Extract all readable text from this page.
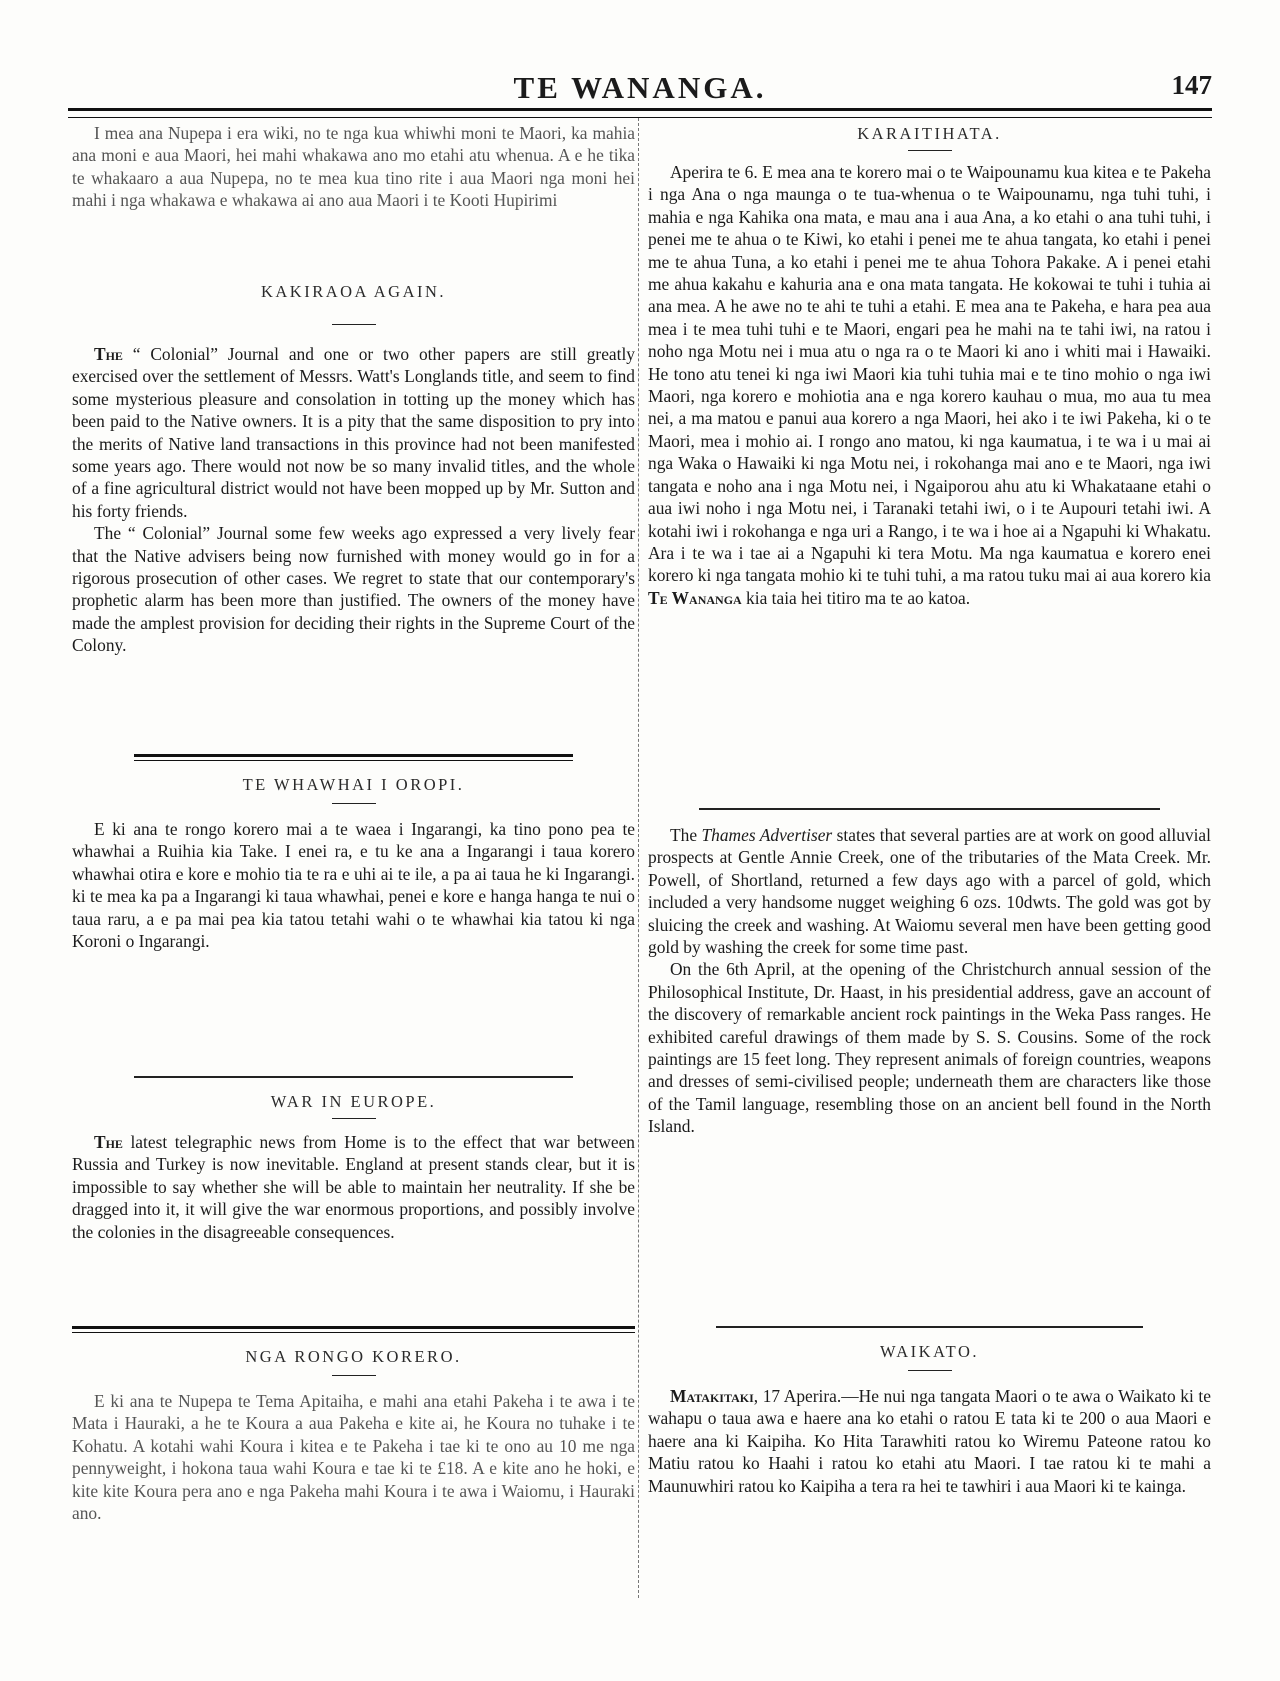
TE WANANGA.	147

I mea ana Nupepa i era wiki, no te nga kua whiwhi moni te Maori, ka mahia ana moni e aua Maori, hei mahi whakawa ano mo etahi atu whenua. A e he tika te whakaaro a aua Nupepa, no te mea kua tino rite i aua Maori nga moni hei mahi i nga whakawa e whakawa ai ano aua Maori i te Kooti Hupirimi

KAKIRAOA AGAIN.

The “ Colonial” Journal and one or two other papers are still greatly exercised over the settlement of Messrs. Watt's Longlands title, and seem to find some mysterious pleasure and consolation in totting up the money which has been paid to the Native owners. It is a pity that the same disposition to pry into the merits of Native land transactions in this province had not been manifested some years ago. There would not now be so many invalid titles, and the whole of a fine agricultural district would not have been mopped up by Mr. Sutton and his forty friends.

The “ Colonial” Journal some few weeks ago expressed a very lively fear that the Native advisers being now furnished with money would go in for a rigorous prosecution of other cases. We regret to state that our contemporary's prophetic alarm has been more than justified. The owners of the money have made the amplest provision for deciding their rights in the Supreme Court of the Colony.

TE WHAWHAI I OROPI.

E ki ana te rongo korero mai a te waea i Ingarangi, ka tino pono pea te whawhai a Ruihia kia Take. I enei ra, e tu ke ana a Ingarangi i taua korero whawhai otira e kore e mohio tia te ra e uhi ai te ile, a pa ai taua he ki Ingarangi. ki te mea ka pa a Ingarangi ki taua whawhai, penei e kore e hanga hanga te nui o taua raru, a e pa mai pea kia tatou tetahi wahi o te whawhai kia tatou ki nga Koroni o Ingarangi.

WAR IN EUROPE.

The latest telegraphic news from Home is to the effect that war between Russia and Turkey is now inevitable. England at present stands clear, but it is impossible to say whether she will be able to maintain her neutrality. If she be dragged into it, it will give the war enormous proportions, and possibly involve the colonies in the disagreeable consequences.

NGA RONGO KORERO.

E ki ana te Nupepa te Tema Apitaiha, e mahi ana etahi Pakeha i te awa i te Mata i Hauraki, a he te Koura a aua Pakeha e kite ai, he Koura no tuhake i te Kohatu. A kotahi wahi Koura i kitea e te Pakeha i tae ki te ono au 10 me nga pennyweight, i hokona taua wahi Koura e tae ki te £18. A e kite ano he hoki, e kite kite Koura pera ano e nga Pakeha mahi Koura i te awa i Waiomu, i Hauraki ano.

KARAITIHATA.

Aperira te 6. E mea ana te korero mai o te Waipounamu kua kitea e te Pakeha i nga Ana o nga maunga o te tua-whenua o te Waipounamu, nga tuhi tuhi, i mahia e nga Kahika ona mata, e mau ana i aua Ana, a ko etahi o ana tuhi tuhi, i penei me te ahua o te Kiwi, ko etahi i penei me te ahua tangata, ko etahi i penei me te ahua Tuna, a ko etahi i penei me te ahua Tohora Pakake. A i penei etahi me ahua kakahu e kahuria ana e ona mata tangata. He kokowai te tuhi i tuhia ai ana mea. A he awe no te ahi te tuhi a etahi. E mea ana te Pakeha, e hara pea aua mea i te mea tuhi tuhi e te Maori, engari pea he mahi na te tahi iwi, na ratou i noho nga Motu nei i mua atu o nga ra o te Maori ki ano i whiti mai i Hawaiki. He tono atu tenei ki nga iwi Maori kia tuhi tuhia mai e te tino mohio o nga iwi Maori, nga korero e mohiotia ana e nga korero kauhau o mua, mo aua tu mea nei, a ma matou e panui aua korero a nga Maori, hei ako i te iwi Pakeha, ki o te Maori, mea i mohio ai. I rongo ano matou, ki nga kaumatua, i te wa i u mai ai nga Waka o Hawaiki ki nga Motu nei, i rokohanga mai ano e te Maori, nga iwi tangata e noho ana i nga Motu nei, i Ngaiporou ahu atu ki Whakataane etahi o aua iwi noho i nga Motu nei, i Taranaki tetahi iwi, o i te Aupouri tetahi iwi. A kotahi iwi i rokohanga e nga uri a Rango, i te wa i hoe ai a Ngapuhi ki Whakatu. Ara i te wa i tae ai a Ngapuhi ki tera Motu. Ma nga kaumatua e korero enei korero ki nga tangata mohio ki te tuhi tuhi, a ma ratou tuku mai ai aua korero kia Te Wananga kia taia hei titiro ma te ao katoa.

The Thames Advertiser states that several parties are at work on good alluvial prospects at Gentle Annie Creek, one of the tributaries of the Mata Creek. Mr. Powell, of Shortland, returned a few days ago with a parcel of gold, which included a very handsome nugget weighing 6 ozs. 10dwts. The gold was got by sluicing the creek and washing. At Waiomu several men have been getting good gold by washing the creek for some time past.

On the 6th April, at the opening of the Christchurch annual session of the Philosophical Institute, Dr. Haast, in his presidential address, gave an account of the discovery of remarkable ancient rock paintings in the Weka Pass ranges. He exhibited careful drawings of them made by S. S. Cousins. Some of the rock paintings are 15 feet long. They represent animals of foreign countries, weapons and dresses of semi-civilised people; underneath them are characters like those of the Tamil language, resembling those on an ancient bell found in the North Island.

WAIKATO.

Matakitaki, 17 Aperira.—He nui nga tangata Maori o te awa o Waikato ki te wahapu o taua awa e haere ana ko etahi o ratou E tata ki te 200 o aua Maori e haere ana ki Kaipiha. Ko Hita Tarawhiti ratou ko Wiremu Pateone ratou ko Matiu ratou ko Haahi i ratou ko etahi atu Maori. I tae ratou ki te mahi a Maunuwhiri ratou ko Kaipiha a tera ra hei te tawhiri i aua Maori ki te kainga.
